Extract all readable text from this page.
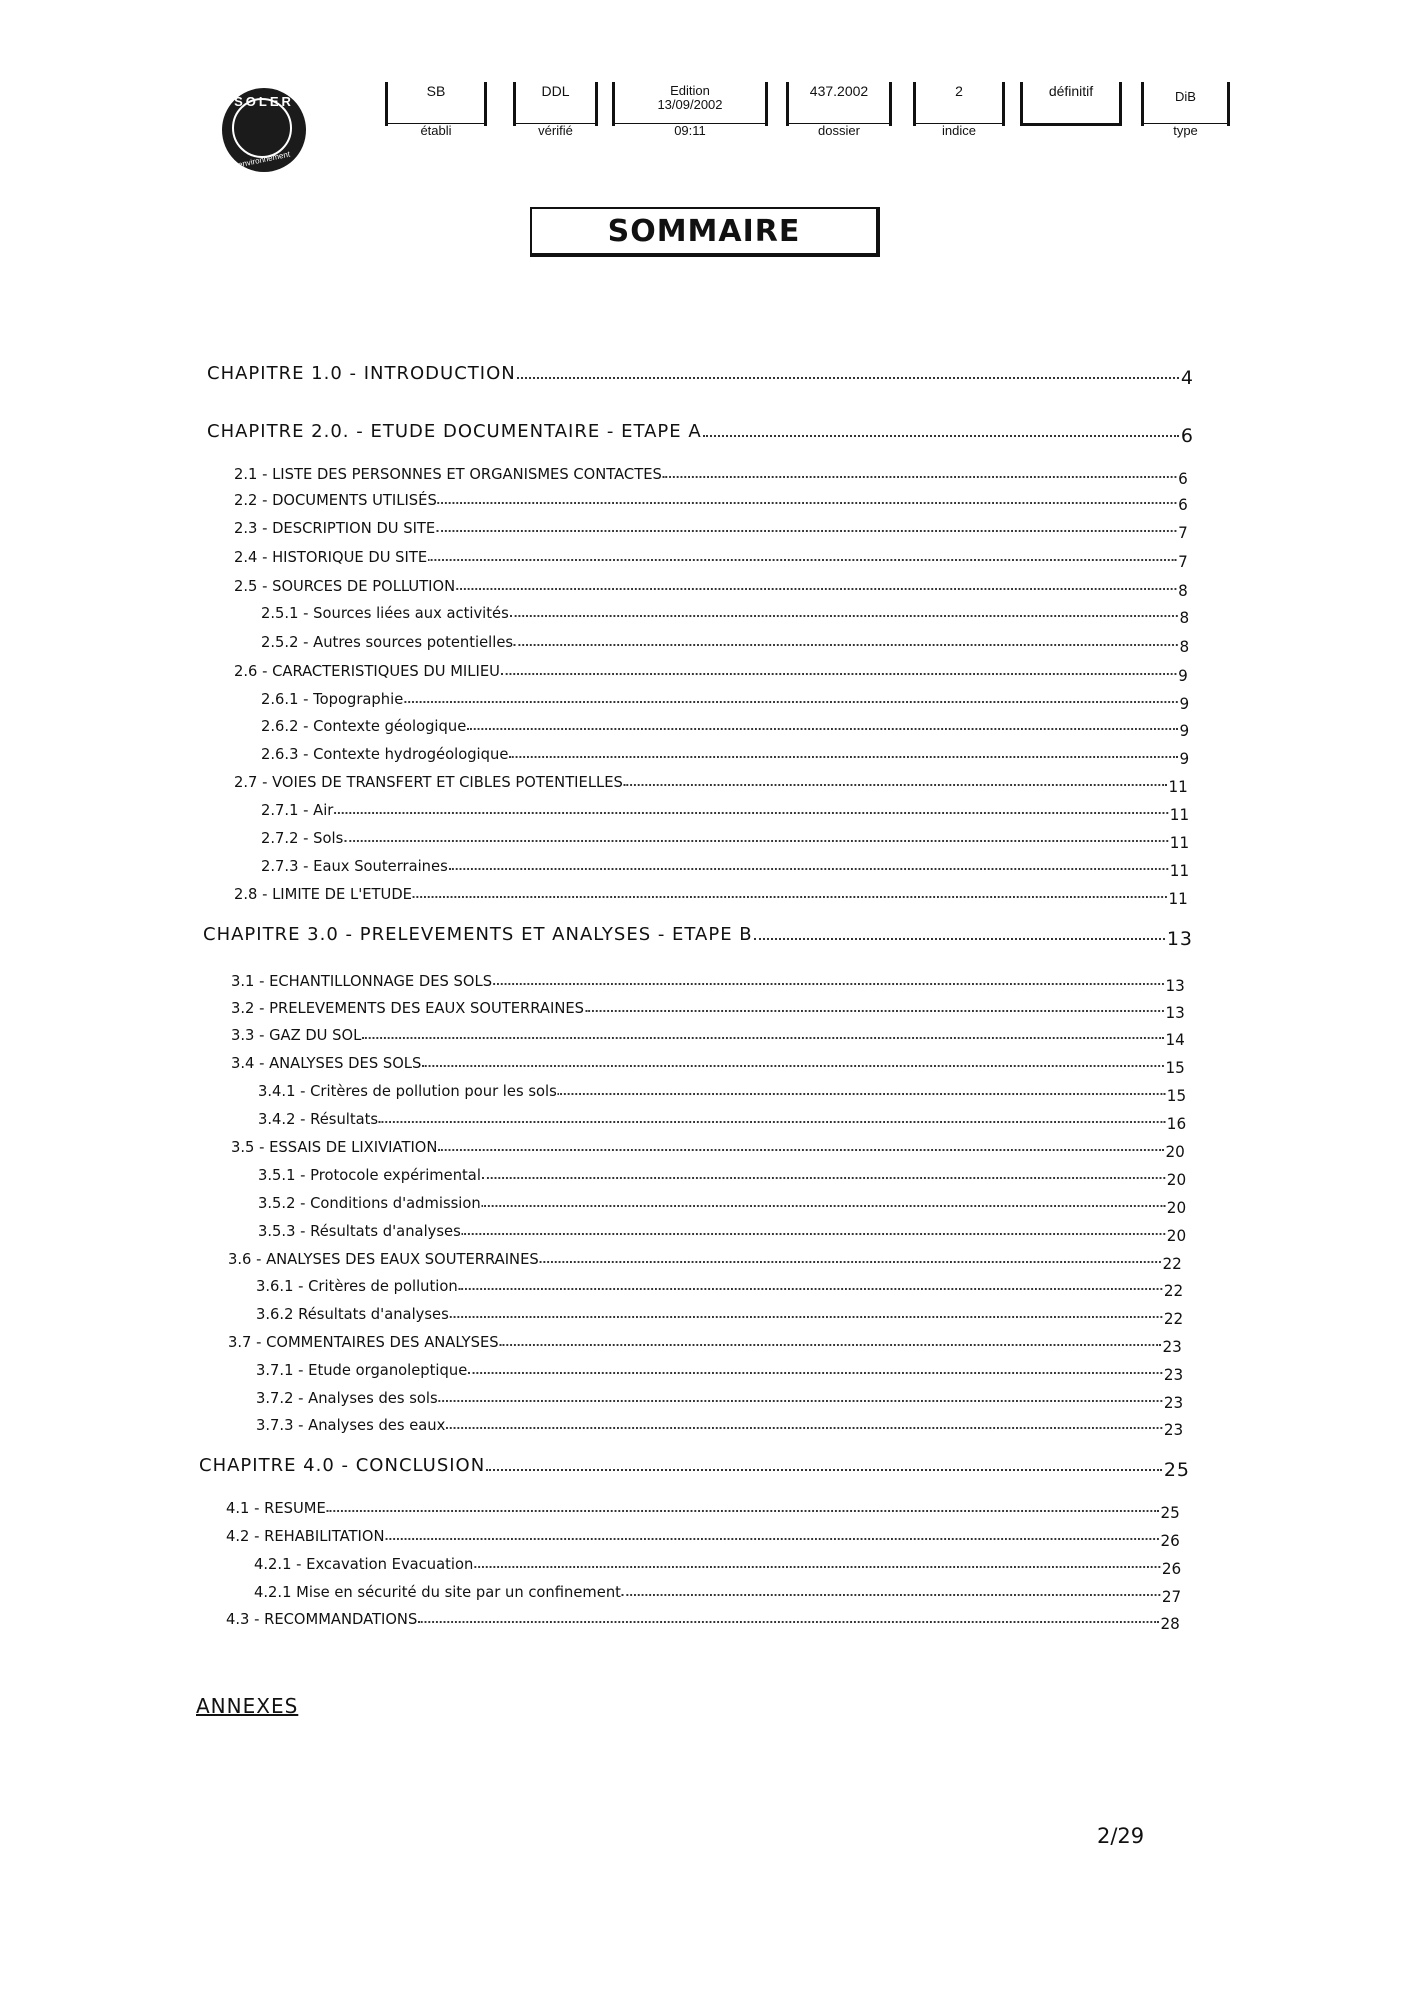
SOLER
environnement
SB
établi
DDL
vérifié
Edition
13/09/2002
09:11
437.2002
dossier
2
indice
définitif	DiB
type
SOMMAIRE
CHAPITRE 1.0 - INTRODUCTION	4
CHAPITRE 2.0. - ETUDE DOCUMENTAIRE - ETAPE A	6
2.1 - LISTE DES PERSONNES ET ORGANISMES CONTACTES	6
2.2 - DOCUMENTS UTILISÉS	6
2.3 - DESCRIPTION DU SITE	7
2.4 - HISTORIQUE DU SITE	7
2.5 - SOURCES DE POLLUTION	8
2.5.1 - Sources liées aux activités	8
2.5.2 - Autres sources potentielles	8
2.6 - CARACTERISTIQUES DU MILIEU	9
2.6.1 - Topographie	9
2.6.2 - Contexte géologique	9
2.6.3 - Contexte hydrogéologique	9
2.7 - VOIES DE TRANSFERT ET CIBLES POTENTIELLES	11
2.7.1 - Air	11
2.7.2 - Sols	11
2.7.3 - Eaux Souterraines	11
2.8 - LIMITE DE L'ETUDE	11
CHAPITRE 3.0 - PRELEVEMENTS ET ANALYSES - ETAPE B	13
3.1 - ECHANTILLONNAGE DES SOLS	13
3.2 - PRELEVEMENTS DES EAUX SOUTERRAINES	13
3.3 - GAZ DU SOL	14
3.4 - ANALYSES DES SOLS	15
3.4.1 - Critères de pollution pour les sols	15
3.4.2 - Résultats	16
3.5 - ESSAIS DE LIXIVIATION	20
3.5.1 - Protocole expérimental	20
3.5.2 - Conditions d'admission	20
3.5.3 - Résultats d'analyses	20
3.6 - ANALYSES DES EAUX SOUTERRAINES	22
3.6.1 - Critères de pollution	22
3.6.2 Résultats d'analyses	22
3.7 - COMMENTAIRES DES ANALYSES	23
3.7.1 - Etude organoleptique	23
3.7.2 - Analyses des sols	23
3.7.3 - Analyses des eaux	23
CHAPITRE 4.0 - CONCLUSION	25
4.1 - RESUME	25
4.2 - REHABILITATION	26
4.2.1 - Excavation Evacuation	26
4.2.1 Mise en sécurité du site par un confinement	27
4.3 - RECOMMANDATIONS	28
ANNEXES
2/29
